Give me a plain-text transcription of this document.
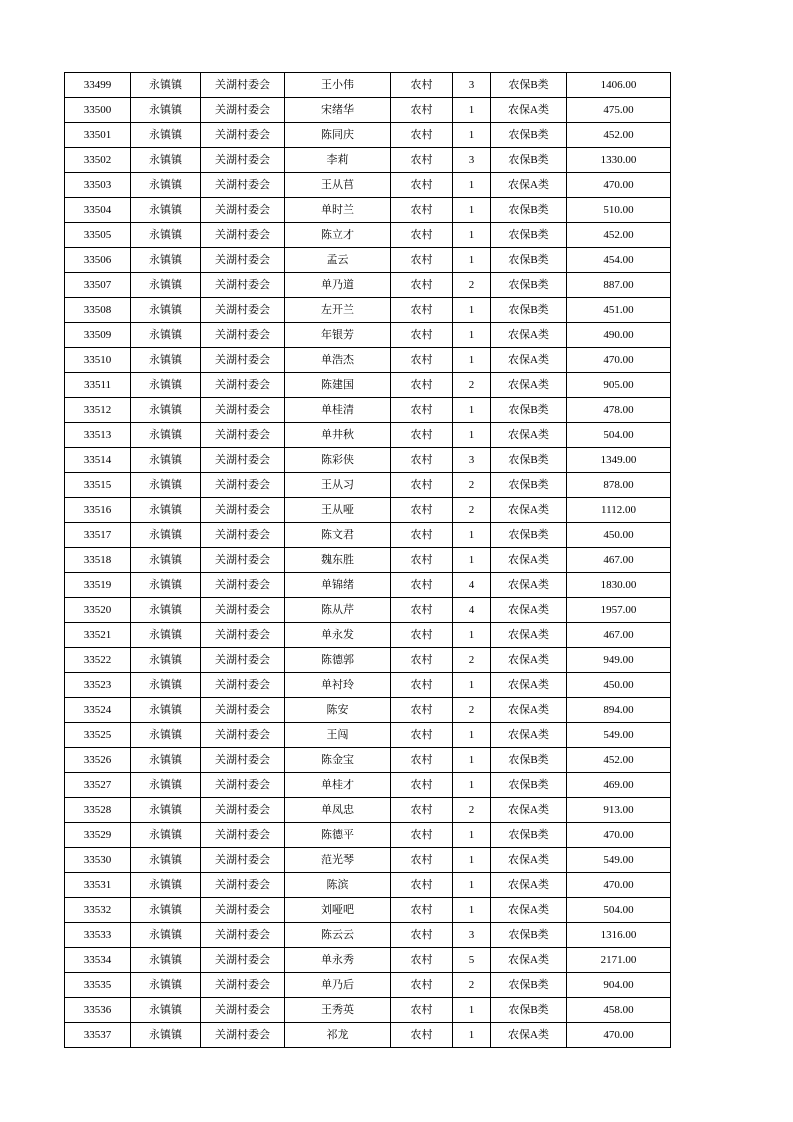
33499	永镇镇	关湖村委会	王小伟	农村	3	农保B类	1406.00
33500	永镇镇	关湖村委会	宋绪华	农村	1	农保A类	475.00
33501	永镇镇	关湖村委会	陈同庆	农村	1	农保B类	452.00
33502	永镇镇	关湖村委会	李莉	农村	3	农保B类	1330.00
33503	永镇镇	关湖村委会	王从苢	农村	1	农保A类	470.00
33504	永镇镇	关湖村委会	单时兰	农村	1	农保B类	510.00
33505	永镇镇	关湖村委会	陈立才	农村	1	农保B类	452.00
33506	永镇镇	关湖村委会	孟云	农村	1	农保B类	454.00
33507	永镇镇	关湖村委会	单乃道	农村	2	农保B类	887.00
33508	永镇镇	关湖村委会	左开兰	农村	1	农保B类	451.00
33509	永镇镇	关湖村委会	年银芳	农村	1	农保A类	490.00
33510	永镇镇	关湖村委会	单浩杰	农村	1	农保A类	470.00
33511	永镇镇	关湖村委会	陈建国	农村	2	农保A类	905.00
33512	永镇镇	关湖村委会	单桂清	农村	1	农保B类	478.00
33513	永镇镇	关湖村委会	单井秋	农村	1	农保A类	504.00
33514	永镇镇	关湖村委会	陈彩侠	农村	3	农保B类	1349.00
33515	永镇镇	关湖村委会	王从习	农村	2	农保B类	878.00
33516	永镇镇	关湖村委会	王从哑	农村	2	农保A类	1112.00
33517	永镇镇	关湖村委会	陈文君	农村	1	农保B类	450.00
33518	永镇镇	关湖村委会	魏东胜	农村	1	农保A类	467.00
33519	永镇镇	关湖村委会	单锦绪	农村	4	农保A类	1830.00
33520	永镇镇	关湖村委会	陈从芹	农村	4	农保A类	1957.00
33521	永镇镇	关湖村委会	单永发	农村	1	农保A类	467.00
33522	永镇镇	关湖村委会	陈德郭	农村	2	农保A类	949.00
33523	永镇镇	关湖村委会	单衬玲	农村	1	农保A类	450.00
33524	永镇镇	关湖村委会	陈安	农村	2	农保A类	894.00
33525	永镇镇	关湖村委会	王闯	农村	1	农保A类	549.00
33526	永镇镇	关湖村委会	陈金宝	农村	1	农保B类	452.00
33527	永镇镇	关湖村委会	单桂才	农村	1	农保B类	469.00
33528	永镇镇	关湖村委会	单凤忠	农村	2	农保A类	913.00
33529	永镇镇	关湖村委会	陈德平	农村	1	农保B类	470.00
33530	永镇镇	关湖村委会	范光琴	农村	1	农保A类	549.00
33531	永镇镇	关湖村委会	陈滨	农村	1	农保A类	470.00
33532	永镇镇	关湖村委会	刘哑吧	农村	1	农保A类	504.00
33533	永镇镇	关湖村委会	陈云云	农村	3	农保B类	1316.00
33534	永镇镇	关湖村委会	单永秀	农村	5	农保A类	2171.00
33535	永镇镇	关湖村委会	单乃后	农村	2	农保B类	904.00
33536	永镇镇	关湖村委会	王秀英	农村	1	农保B类	458.00
33537	永镇镇	关湖村委会	祁龙	农村	1	农保A类	470.00
